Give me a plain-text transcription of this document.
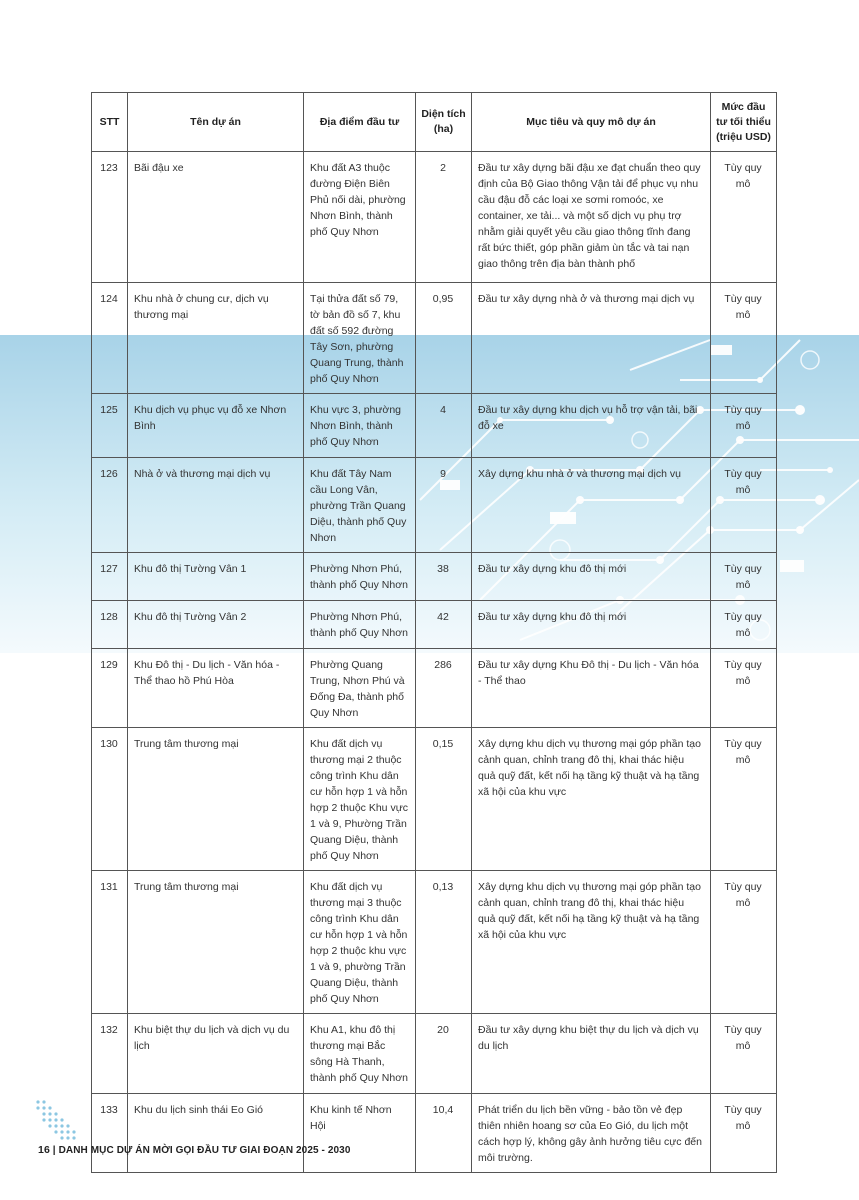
STT	Tên dự án	Địa điểm đầu tư	Diện tích (ha)	Mục tiêu và quy mô dự án	Mức đầu tư tối thiểu (triệu USD)
123	Bãi đậu xe	Khu đất A3 thuộc đường Điện Biên Phủ nối dài, phường Nhơn Bình, thành phố Quy Nhơn	2	Đầu tư xây dựng bãi đậu xe đạt chuẩn theo quy định của Bộ Giao thông Vận tải để phục vụ nhu cầu đậu đỗ các loại xe sơmi romoóc, xe container, xe tải... và một số dịch vụ phụ trợ nhằm giải quyết yêu cầu giao thông tĩnh đang rất bức thiết, góp phần giảm ùn tắc và tai nạn giao thông trên địa bàn thành phố	Tùy quy mô
124	Khu nhà ở chung cư, dịch vụ thương mại	Tại thửa đất số 79, tờ bản đồ số 7, khu đất số 592 đường Tây Sơn, phường Quang Trung, thành phố Quy Nhơn	0,95	Đầu tư xây dựng nhà ở và thương mại dịch vụ	Tùy quy mô
125	Khu dịch vụ phục vụ đỗ xe Nhơn Bình	Khu vực 3, phường Nhơn Bình, thành phố Quy Nhơn	4	Đầu tư xây dựng khu dịch vụ hỗ trợ vận tải, bãi đỗ xe	Tùy quy mô
126	Nhà ở và thương mại dịch vụ	Khu đất Tây Nam cầu Long Vân, phường Trần Quang Diệu, thành phố Quy Nhơn	9	Xây dựng khu nhà ở và thương mại dịch vụ	Tùy quy mô
127	Khu đô thị Tường Vân 1	Phường Nhơn Phú, thành phố Quy Nhơn	38	Đầu tư xây dựng khu đô thị mới	Tùy quy mô
128	Khu đô thị Tường Vân 2	Phường Nhơn Phú, thành phố Quy Nhơn	42	Đầu tư xây dựng khu đô thị mới	Tùy quy mô
129	Khu Đô thị - Du lịch - Văn hóa - Thể thao hồ Phú Hòa	Phường Quang Trung, Nhơn Phú và Đống Đa, thành phố Quy Nhơn	286	Đầu tư xây dựng Khu Đô thị - Du lịch - Văn hóa - Thể thao	Tùy quy mô
130	Trung tâm thương mại	Khu đất dịch vụ thương mại 2 thuộc công trình Khu dân cư hỗn hợp 1 và hỗn hợp 2 thuộc Khu vực 1 và 9, Phường Trần Quang Diệu, thành phố Quy Nhơn	0,15	Xây dựng khu dịch vụ thương mại góp phần tạo cảnh quan, chỉnh trang đô thị, khai thác hiệu quả quỹ đất, kết nối hạ tầng kỹ thuật và hạ tầng xã hội của khu vực	Tùy quy mô
131	Trung tâm thương mại	Khu đất dịch vụ thương mại 3 thuộc công trình Khu dân cư hỗn hợp 1 và hỗn hợp 2 thuộc khu vực 1 và 9, phường Trần Quang Diệu, thành phố Quy Nhơn	0,13	Xây dựng khu dịch vụ thương mại góp phần tạo cảnh quan, chỉnh trang đô thị, khai thác hiệu quả quỹ đất, kết nối hạ tầng kỹ thuật và hạ tầng xã hội của khu vực	Tùy quy mô
132	Khu biệt thự du lịch và dịch vụ du lịch	Khu A1, khu đô thị thương mại Bắc sông Hà Thanh, thành phố Quy Nhơn	20	Đầu tư xây dựng khu biệt thự du lịch và dịch vụ du lịch	Tùy quy mô
133	Khu du lịch sinh thái Eo Gió	Khu kinh tế Nhơn Hội	10,4	Phát triển du lịch bền vững - bảo tồn vẻ đẹp thiên nhiên hoang sơ của Eo Gió, du lịch một cách hợp lý, không gây ảnh hưởng tiêu cực đến môi trường.	Tùy quy mô
16 | DANH MỤC DỰ ÁN MỜI GỌI ĐẦU TƯ GIAI ĐOẠN 2025 - 2030
